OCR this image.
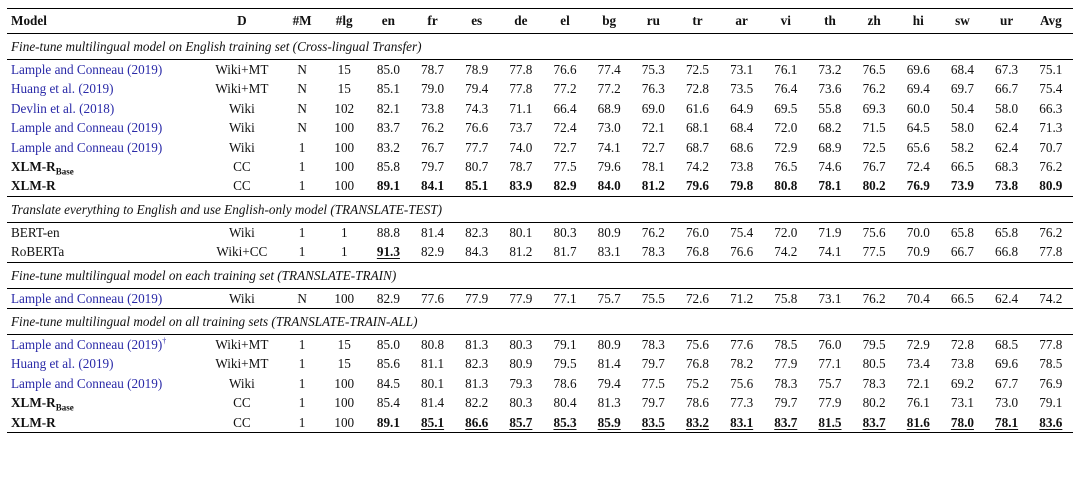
Model	D	#M	#lg	en	fr	es	de	el	bg	ru	tr	ar	vi	th	zh	hi	sw	ur	Avg
Fine-tune multilingual model on English training set (Cross-lingual Transfer)																			
Lample and Conneau (2019)	Wiki+MT	N	15	85.0	78.7	78.9	77.8	76.6	77.4	75.3	72.5	73.1	76.1	73.2	76.5	69.6	68.4	67.3	75.1
Huang et al. (2019)	Wiki+MT	N	15	85.1	79.0	79.4	77.8	77.2	77.2	76.3	72.8	73.5	76.4	73.6	76.2	69.4	69.7	66.7	75.4
Devlin et al. (2018)	Wiki	N	102	82.1	73.8	74.3	71.1	66.4	68.9	69.0	61.6	64.9	69.5	55.8	69.3	60.0	50.4	58.0	66.3
Lample and Conneau (2019)	Wiki	N	100	83.7	76.2	76.6	73.7	72.4	73.0	72.1	68.1	68.4	72.0	68.2	71.5	64.5	58.0	62.4	71.3
Lample and Conneau (2019)	Wiki	1	100	83.2	76.7	77.7	74.0	72.7	74.1	72.7	68.7	68.6	72.9	68.9	72.5	65.6	58.2	62.4	70.7
XLM-$R_{Base}$	CC	1	100	85.8	79.7	80.7	78.7	77.5	79.6	78.1	74.2	73.8	76.5	74.6	76.7	72.4	66.5	68.3	76.2
XLM-R	CC	1	100	89.1	84.1	85.1	83.9	82.9	84.0	81.2	79.6	79.8	80.8	78.1	80.2	76.9	73.9	73.8	80.9
Translate everything to English and use English-only model (TRANSLATE-TEST)																			
BERT-en	Wiki	1	1	88.8	81.4	82.3	80.1	80.3	80.9	76.2	76.0	75.4	72.0	71.9	75.6	70.0	65.8	65.8	76.2
RoBERTa	Wiki+CC	1	1	91.3	82.9	84.3	81.2	81.7	83.1	78.3	76.8	76.6	74.2	74.1	77.5	70.9	66.7	66.8	77.8
Fine-tune multilingual model on each training set (TRANSLATE-TRAIN)																			
Lample and Conneau (2019)	Wiki	N	100	82.9	77.6	77.9	77.9	77.1	75.7	75.5	72.6	71.2	75.8	73.1	76.2	70.4	66.5	62.4	74.2
Fine-tune multilingual model on all training sets (TRANSLATE-TRAIN-ALL)																			
Lample and Conneau (2019)†	Wiki+MT	1	15	85.0	80.8	81.3	80.3	79.1	80.9	78.3	75.6	77.6	78.5	76.0	79.5	72.9	72.8	68.5	77.8
Huang et al. (2019)	Wiki+MT	1	15	85.6	81.1	82.3	80.9	79.5	81.4	79.7	76.8	78.2	77.9	77.1	80.5	73.4	73.8	69.6	78.5
Lample and Conneau (2019)	Wiki	1	100	84.5	80.1	81.3	79.3	78.6	79.4	77.5	75.2	75.6	78.3	75.7	78.3	72.1	69.2	67.7	76.9
XLM-$R_{Base}$	CC	1	100	85.4	81.4	82.2	80.3	80.4	81.3	79.7	78.6	77.3	79.7	77.9	80.2	76.1	73.1	73.0	79.1
XLM-R	CC	1	100	89.1	85.1	86.6	85.7	85.3	85.9	83.5	83.2	83.1	83.7	81.5	83.7	81.6	78.0	78.1	83.6
